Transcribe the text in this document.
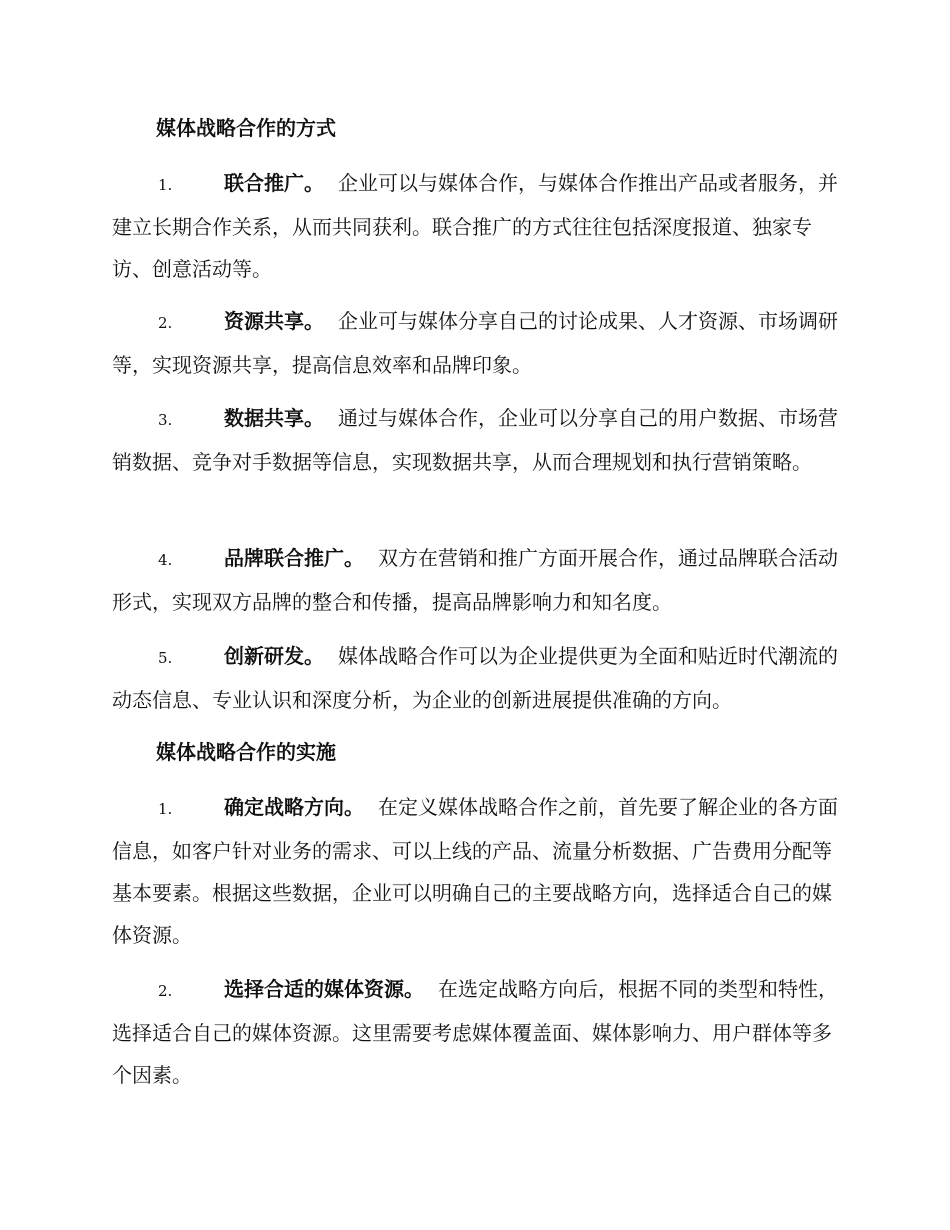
媒体战略合作的方式
1.	联合推广。 企业可以与媒体合作，与媒体合作推出产品或者服务，并建立长期合作关系，从而共同获利。联合推广的方式往往包括深度报道、独家专访、创意活动等。
2.	资源共享。 企业可与媒体分享自己的讨论成果、人才资源、市场调研等，实现资源共享，提高信息效率和品牌印象。
3.	数据共享。 通过与媒体合作，企业可以分享自己的用户数据、市场营销数据、竞争对手数据等信息，实现数据共享，从而合理规划和执行营销策略。
4.	品牌联合推广。 双方在营销和推广方面开展合作，通过品牌联合活动形式，实现双方品牌的整合和传播，提高品牌影响力和知名度。
5.	创新研发。 媒体战略合作可以为企业提供更为全面和贴近时代潮流的动态信息、专业认识和深度分析，为企业的创新进展提供准确的方向。
媒体战略合作的实施
1.	确定战略方向。 在定义媒体战略合作之前，首先要了解企业的各方面信息，如客户针对业务的需求、可以上线的产品、流量分析数据、广告费用分配等基本要素。根据这些数据，企业可以明确自己的主要战略方向，选择适合自己的媒体资源。
2.	选择合适的媒体资源。 在选定战略方向后，根据不同的类型和特性，选择适合自己的媒体资源。这里需要考虑媒体覆盖面、媒体影响力、用户群体等多个因素。
